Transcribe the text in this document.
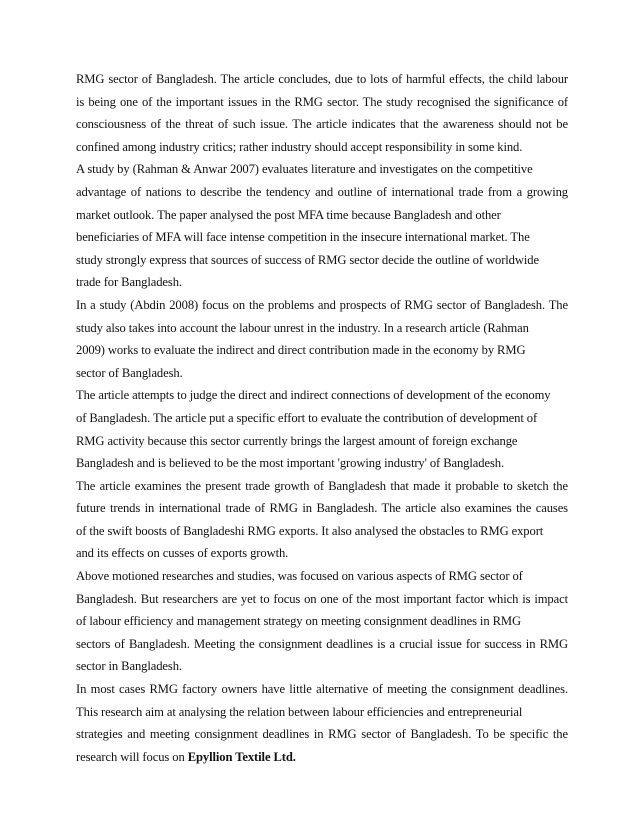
RMG sector of Bangladesh. The article concludes, due to lots of harmful effects, the child labour
is being one of the important issues in the RMG sector. The study recognised the significance of
consciousness of the threat of such issue. The article indicates that the awareness should not be
confined among industry critics; rather industry should accept responsibility in some kind.
A study by (Rahman & Anwar 2007) evaluates literature and investigates on the competitive
advantage of nations to describe the tendency and outline of international trade from a growing
market outlook. The paper analysed the post MFA time because Bangladesh and other
beneficiaries of MFA will face intense competition in the insecure international market. The
study strongly express that sources of success of RMG sector decide the outline of worldwide
trade for Bangladesh.
In a study (Abdin 2008) focus on the problems and prospects of RMG sector of Bangladesh. The
study also takes into account the labour unrest in the industry. In a research article (Rahman
2009) works to evaluate the indirect and direct contribution made in the economy by RMG
sector of Bangladesh.
The article attempts to judge the direct and indirect connections of development of the economy
of Bangladesh. The article put a specific effort to evaluate the contribution of development of
RMG activity because this sector currently brings the largest amount of foreign exchange
Bangladesh and is believed to be the most important 'growing industry' of Bangladesh.
The article examines the present trade growth of Bangladesh that made it probable to sketch the
future trends in international trade of RMG in Bangladesh. The article also examines the causes
of the swift boosts of Bangladeshi RMG exports. It also analysed the obstacles to RMG export
and its effects on cusses of exports growth.
Above motioned researches and studies, was focused on various aspects of RMG sector of
Bangladesh. But researchers are yet to focus on one of the most important factor which is impact
of labour efficiency and management strategy on meeting consignment deadlines in RMG
sectors of Bangladesh. Meeting the consignment deadlines is a crucial issue for success in RMG
sector in Bangladesh.
In most cases RMG factory owners have little alternative of meeting the consignment deadlines.
This research aim at analysing the relation between labour efficiencies and entrepreneurial
strategies and meeting consignment deadlines in RMG sector of Bangladesh. To be specific the
research will focus on Epyllion Textile Ltd.
